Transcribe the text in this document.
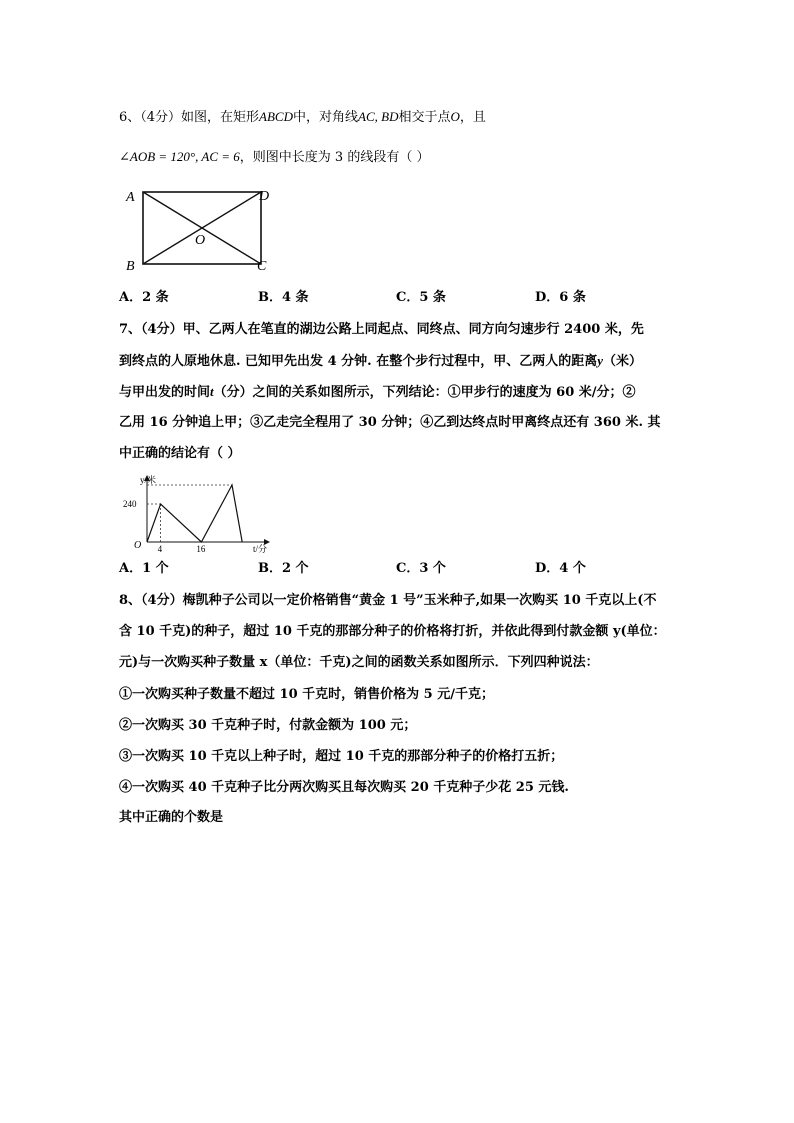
6、（4分）如图，在矩形ABCD中，对角线AC, BD相交于点O，且
∠AOB = 120°, AC = 6，则图中长度为 3 的线段有（ ）
A
B	C
D
O
A．2 条	B．4 条	C．5 条	D．6 条
7、（4分）甲、乙两人在笔直的湖边公路上同起点、同终点、同方向匀速步行 2400 米，先
到终点的人原地休息. 已知甲先出发 4 分钟. 在整个步行过程中，甲、乙两人的距离y（米）
与甲出发的时间t（分）之间的关系如图所示，下列结论：①甲步行的速度为 60 米/分；②
乙用 16 分钟追上甲；③乙走完全程用了 30 分钟；④乙到达终点时甲离终点还有 360 米. 其
中正确的结论有（ ）
y/米
t/分
O
240
4	16
A．1 个	B．2 个	C．3 个	D．4 个
8、（4分）梅凯种子公司以一定价格销售“黄金 1 号”玉米种子,如果一次购买 10 千克以上(不
含 10 千克)的种子，超过 10 千克的那部分种子的价格将打折，并依此得到付款金额 y(单位：
元)与一次购买种子数量 x（单位：千克)之间的函数关系如图所示．下列四种说法：
①一次购买种子数量不超过 10 千克时，销售价格为 5 元/千克；
②一次购买 30 千克种子时，付款金额为 100 元；
③一次购买 10 千克以上种子时，超过 10 千克的那部分种子的价格打五折；
④一次购买 40 千克种子比分两次购买且每次购买 20 千克种子少花 25 元钱.
其中正确的个数是
